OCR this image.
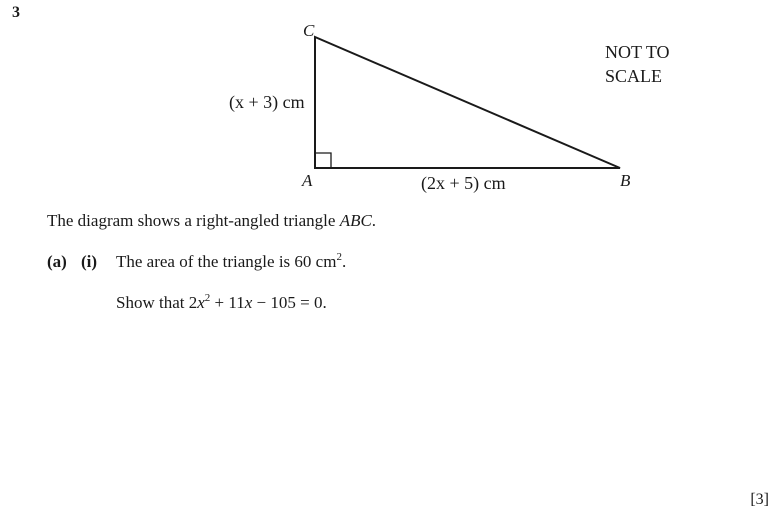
3
C
A	B
(x + 3) cm
(2x + 5) cm
NOT TO
SCALE
The diagram shows a right-angled triangle ABC.
(a) (i) The area of the triangle is 60 $cm^2$.
Show that $2x^2 + 11x - 105 = 0$.
[3]
